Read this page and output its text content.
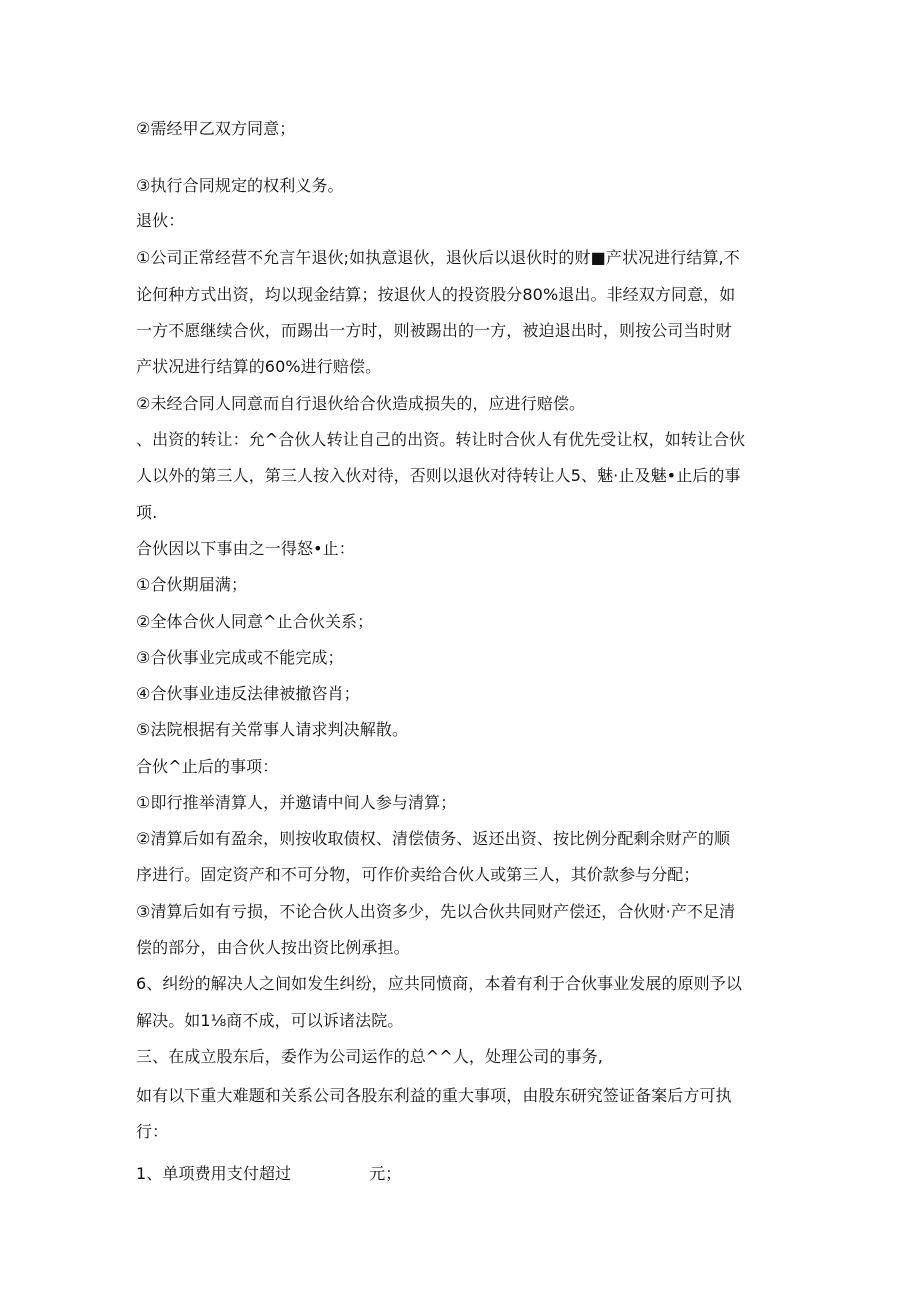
②需经甲乙双方同意；
③执行合同规定的权利义务。
退伙：
①公司正常经营不允言午退伙;如执意退伙，退伙后以退伙时的财■产状况进行结算,不
论何种方式出资，均以现金结算；按退伙人的投资股分80%退出。非经双方同意，如
一方不愿继续合伙，而踢出一方时，则被踢出的一方，被迫退出时，则按公司当时财
产状况进行结算的60%进行赔偿。
②未经合同人同意而自行退伙给合伙造成损失的，应进行赔偿。
、出资的转让：允^合伙人转让自己的出资。转让时合伙人有优先受让权，如转让合伙
人以外的第三人，第三人按入伙对待，否则以退伙对待转让人5、魅·止及魅•止后的事
项.
合伙因以下事由之一得怒•止：
①合伙期届满；
②全体合伙人同意^止合伙关系；
③合伙事业完成或不能完成；
④合伙事业违反法律被撤咨肖；
⑤法院根据有关常事人请求判决解散。
合伙^止后的事项：
①即行推举清算人，并邀请中间人参与清算；
②清算后如有盈余，则按收取债权、清偿债务、返还出资、按比例分配剩余财产的顺
序进行。固定资产和不可分物，可作价卖给合伙人或第三人，其价款参与分配；
③清算后如有亏损，不论合伙人出资多少，先以合伙共同财产偿还，合伙财·产不足清
偿的部分，由合伙人按出资比例承担。
6、纠纷的解决人之间如发生纠纷，应共同愤商，本着有利于合伙事业发展的原则予以
解决。如1⅛商不成，可以诉诸法院。
三、在成立股东后，委作为公司运作的总^^人，处理公司的事务,
如有以下重大难题和关系公司各股东利益的重大事项，由股东研究签证备案后方可执
行：
1、单项费用支付超过	元；
